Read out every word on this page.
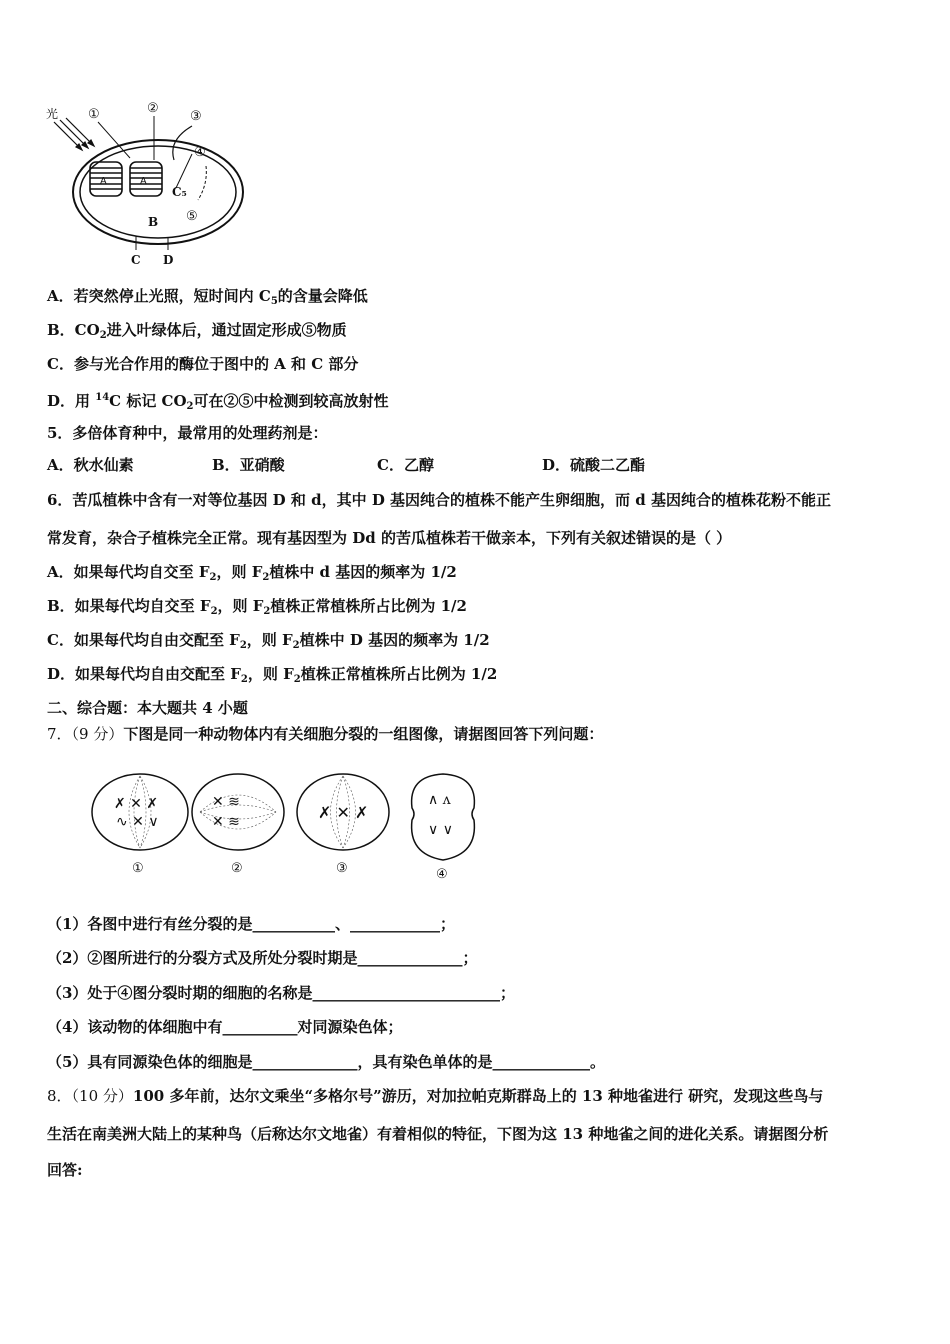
A	A
光 ①	②
③
④
C₅
⑤
B
C D
A．若突然停止光照，短时间内 $C_5$的含量会降低
B．$CO_2$进入叶绿体后，通过固定形成⑤物质
C．参与光合作用的酶位于图中的 A 和 C 部分
D．用 $^{14}$C 标记 $CO_2$可在②⑤中检测到较高放射性
5．多倍体育种中，最常用的处理药剂是：
A．秋水仙素	B．亚硝酸	C．乙醇	D．硫酸二乙酯
6．苦瓜植株中含有一对等位基因 D 和 d，其中 D 基因纯合的植株不能产生卵细胞，而 d 基因纯合的植株花粉不能正
常发育，杂合子植株完全正常。现有基因型为 Dd 的苦瓜植株若干做亲本，下列有关叙述错误的是（ ）
A．如果每代均自交至 $F_2$，则 $F_2$植株中 d 基因的频率为 1/2
B．如果每代均自交至 $F_2$，则 $F_2$植株正常植株所占比例为 1/2
C．如果每代均自由交配至 $F_2$，则 $F_2$植株中 D 基因的频率为 1/2
D．如果每代均自由交配至 $F_2$，则 $F_2$植株正常植株所占比例为 1/2
二、综合题：本大题共 4 小题
7．（9 分）下图是同一种动物体内有关细胞分裂的一组图像，请据图回答下列问题：
✗ ✕ ✗
∿ ✕ ∨
①
✕ ≋
✕ ≋
②
✗ ✕ ✗
③
∧ ʌ
∨ ∨
④
（1）各图中进行有丝分裂的是___________、____________；
（2）②图所进行的分裂方式及所处分裂时期是______________；
（3）处于④图分裂时期的细胞的名称是_________________________；
（4）该动物的体细胞中有__________对同源染色体；
（5）具有同源染色体的细胞是______________，具有染色单体的是_____________。
8．（10 分）100 多年前，达尔文乘坐“多格尔号”游历，对加拉帕克斯群岛上的 13 种地雀进行 研究，发现这些鸟与
生活在南美洲大陆上的某种鸟（后称达尔文地雀）有着相似的特征，下图为这 13 种地雀之间的进化关系。请据图分析
回答:
